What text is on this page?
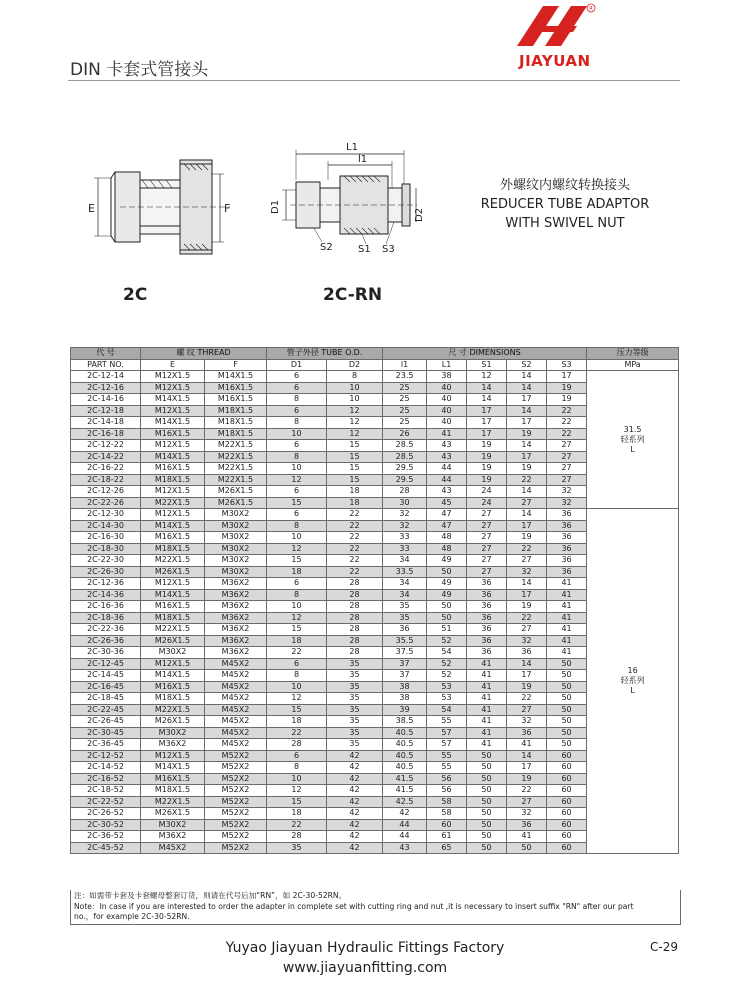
DIN 卡套式管接头
R
JIAYUAN
E	F
L1
l1
D1
D2
S2	S1 S3
2C	2C-RN
外螺纹内螺纹转换接头
REDUCER TUBE ADAPTOR
WITH SWIVEL NUT
代 号	螺 纹 THREAD		管子外径 TUBE O.D.		尺 寸 DIMENSIONS					压力等级
PART NO.	E	F	D1	D2	l1	L1	S1	S2	S3	MPa
2C-12-14	M12X1.5	M14X1.5	6	8	23.5	38	12	14	17	31.5
轻系列
L

2C-12-16	M12X1.5	M16X1.5	6	10	25	40	14	14	19	
2C-14-16	M14X1.5	M16X1.5	8	10	25	40	14	17	19	
2C-12-18	M12X1.5	M18X1.5	6	12	25	40	17	14	22	
2C-14-18	M14X1.5	M18X1.5	8	12	25	40	17	17	22	
2C-16-18	M16X1.5	M18X1.5	10	12	26	41	17	19	22	
2C-12-22	M12X1.5	M22X1.5	6	15	28.5	43	19	14	27	
2C-14-22	M14X1.5	M22X1.5	8	15	28.5	43	19	17	27	
2C-16-22	M16X1.5	M22X1.5	10	15	29.5	44	19	19	27	
2C-18-22	M18X1.5	M22X1.5	12	15	29.5	44	19	22	27	
2C-12-26	M12X1.5	M26X1.5	6	18	28	43	24	14	32	
2C-22-26	M22X1.5	M26X1.5	15	18	30	45	24	27	32	
2C-12-30	M12X1.5	M30X2	6	22	32	47	27	14	36	16
轻系列
L

2C-14-30	M14X1.5	M30X2	8	22	32	47	27	17	36	
2C-16-30	M16X1.5	M30X2	10	22	33	48	27	19	36	
2C-18-30	M18X1.5	M30X2	12	22	33	48	27	22	36	
2C-22-30	M22X1.5	M30X2	15	22	34	49	27	27	36	
2C-26-30	M26X1.5	M30X2	18	22	33.5	50	27	32	36	
2C-12-36	M12X1.5	M36X2	6	28	34	49	36	14	41	
2C-14-36	M14X1.5	M36X2	8	28	34	49	36	17	41	
2C-16-36	M16X1.5	M36X2	10	28	35	50	36	19	41	
2C-18-36	M18X1.5	M36X2	12	28	35	50	36	22	41	
2C-22-36	M22X1.5	M36X2	15	28	36	51	36	27	41	
2C-26-36	M26X1.5	M36X2	18	28	35.5	52	36	32	41	
2C-30-36	M30X2	M36X2	22	28	37.5	54	36	36	41	
2C-12-45	M12X1.5	M45X2	6	35	37	52	41	14	50	
2C-14-45	M14X1.5	M45X2	8	35	37	52	41	17	50	
2C-16-45	M16X1.5	M45X2	10	35	38	53	41	19	50	
2C-18-45	M18X1.5	M45X2	12	35	38	53	41	22	50	
2C-22-45	M22X1.5	M45X2	15	35	39	54	41	27	50	
2C-26-45	M26X1.5	M45X2	18	35	38.5	55	41	32	50	
2C-30-45	M30X2	M45X2	22	35	40.5	57	41	36	50	
2C-36-45	M36X2	M45X2	28	35	40.5	57	41	41	50	
2C-12-52	M12X1.5	M52X2	6	42	40.5	55	50	14	60	
2C-14-52	M14X1.5	M52X2	8	42	40.5	55	50	17	60	
2C-16-52	M16X1.5	M52X2	10	42	41.5	56	50	19	60	
2C-18-52	M18X1.5	M52X2	12	42	41.5	56	50	22	60	
2C-22-52	M22X1.5	M52X2	15	42	42.5	58	50	27	60	
2C-26-52	M26X1.5	M52X2	18	42	42	58	50	32	60	
2C-30-52	M30X2	M52X2	22	42	44	60	50	36	60	
2C-36-52	M36X2	M52X2	28	42	44	61	50	41	60	
2C-45-52	M45X2	M52X2	35	42	43	65	50	50	60	
注：如需带卡套及卡套螺母整套订货，则请在代号后加“RN”，如 2C-30-52RN。
Note：In case if you are interested to order the adapter in complete set with cutting ring and nut ,it is necessary to insert suffix "RN" after our part
no.，for example 2C-30-52RN.
Yuyao Jiayuan Hydraulic Fittings Factory
www.jiayuanfitting.com
C-29
